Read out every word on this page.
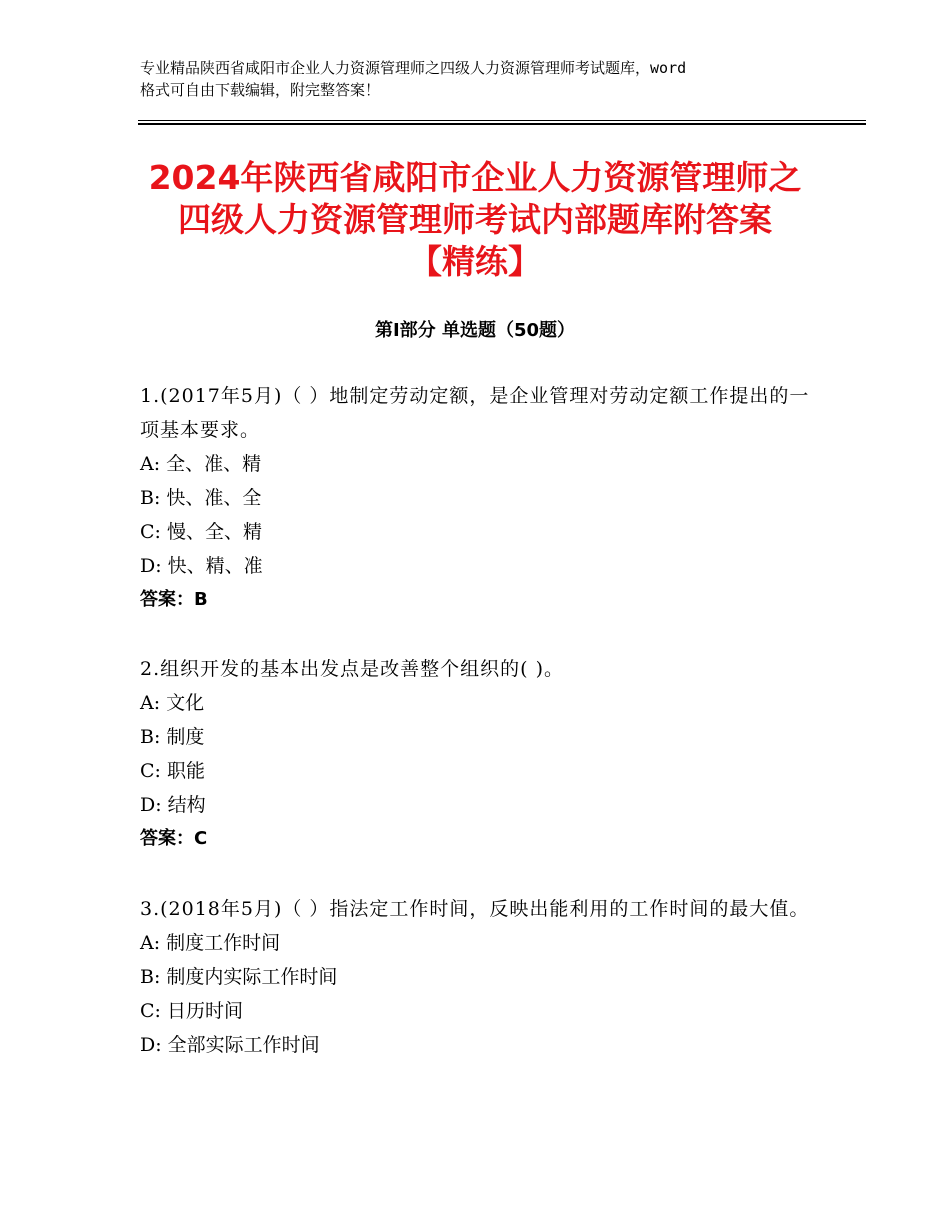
专业精品陕西省咸阳市企业人力资源管理师之四级人力资源管理师考试题库，word
格式可自由下载编辑，附完整答案！
2024年陕西省咸阳市企业人力资源管理师之
四级人力资源管理师考试内部题库附答案
【精练】
第Ⅰ部分 单选题（50题）
1.(2017年5月)（ ）地制定劳动定额，是企业管理对劳动定额工作提出的一项基本要求。
A: 全、准、精
B: 快、准、全
C: 慢、全、精
D: 快、精、准
答案：B
2.组织开发的基本出发点是改善整个组织的( )。
A: 文化
B: 制度
C: 职能
D: 结构
答案：C
3.(2018年5月)（ ）指法定工作时间，反映出能利用的工作时间的最大值。
A: 制度工作时间
B: 制度内实际工作时间
C: 日历时间
D: 全部实际工作时间
